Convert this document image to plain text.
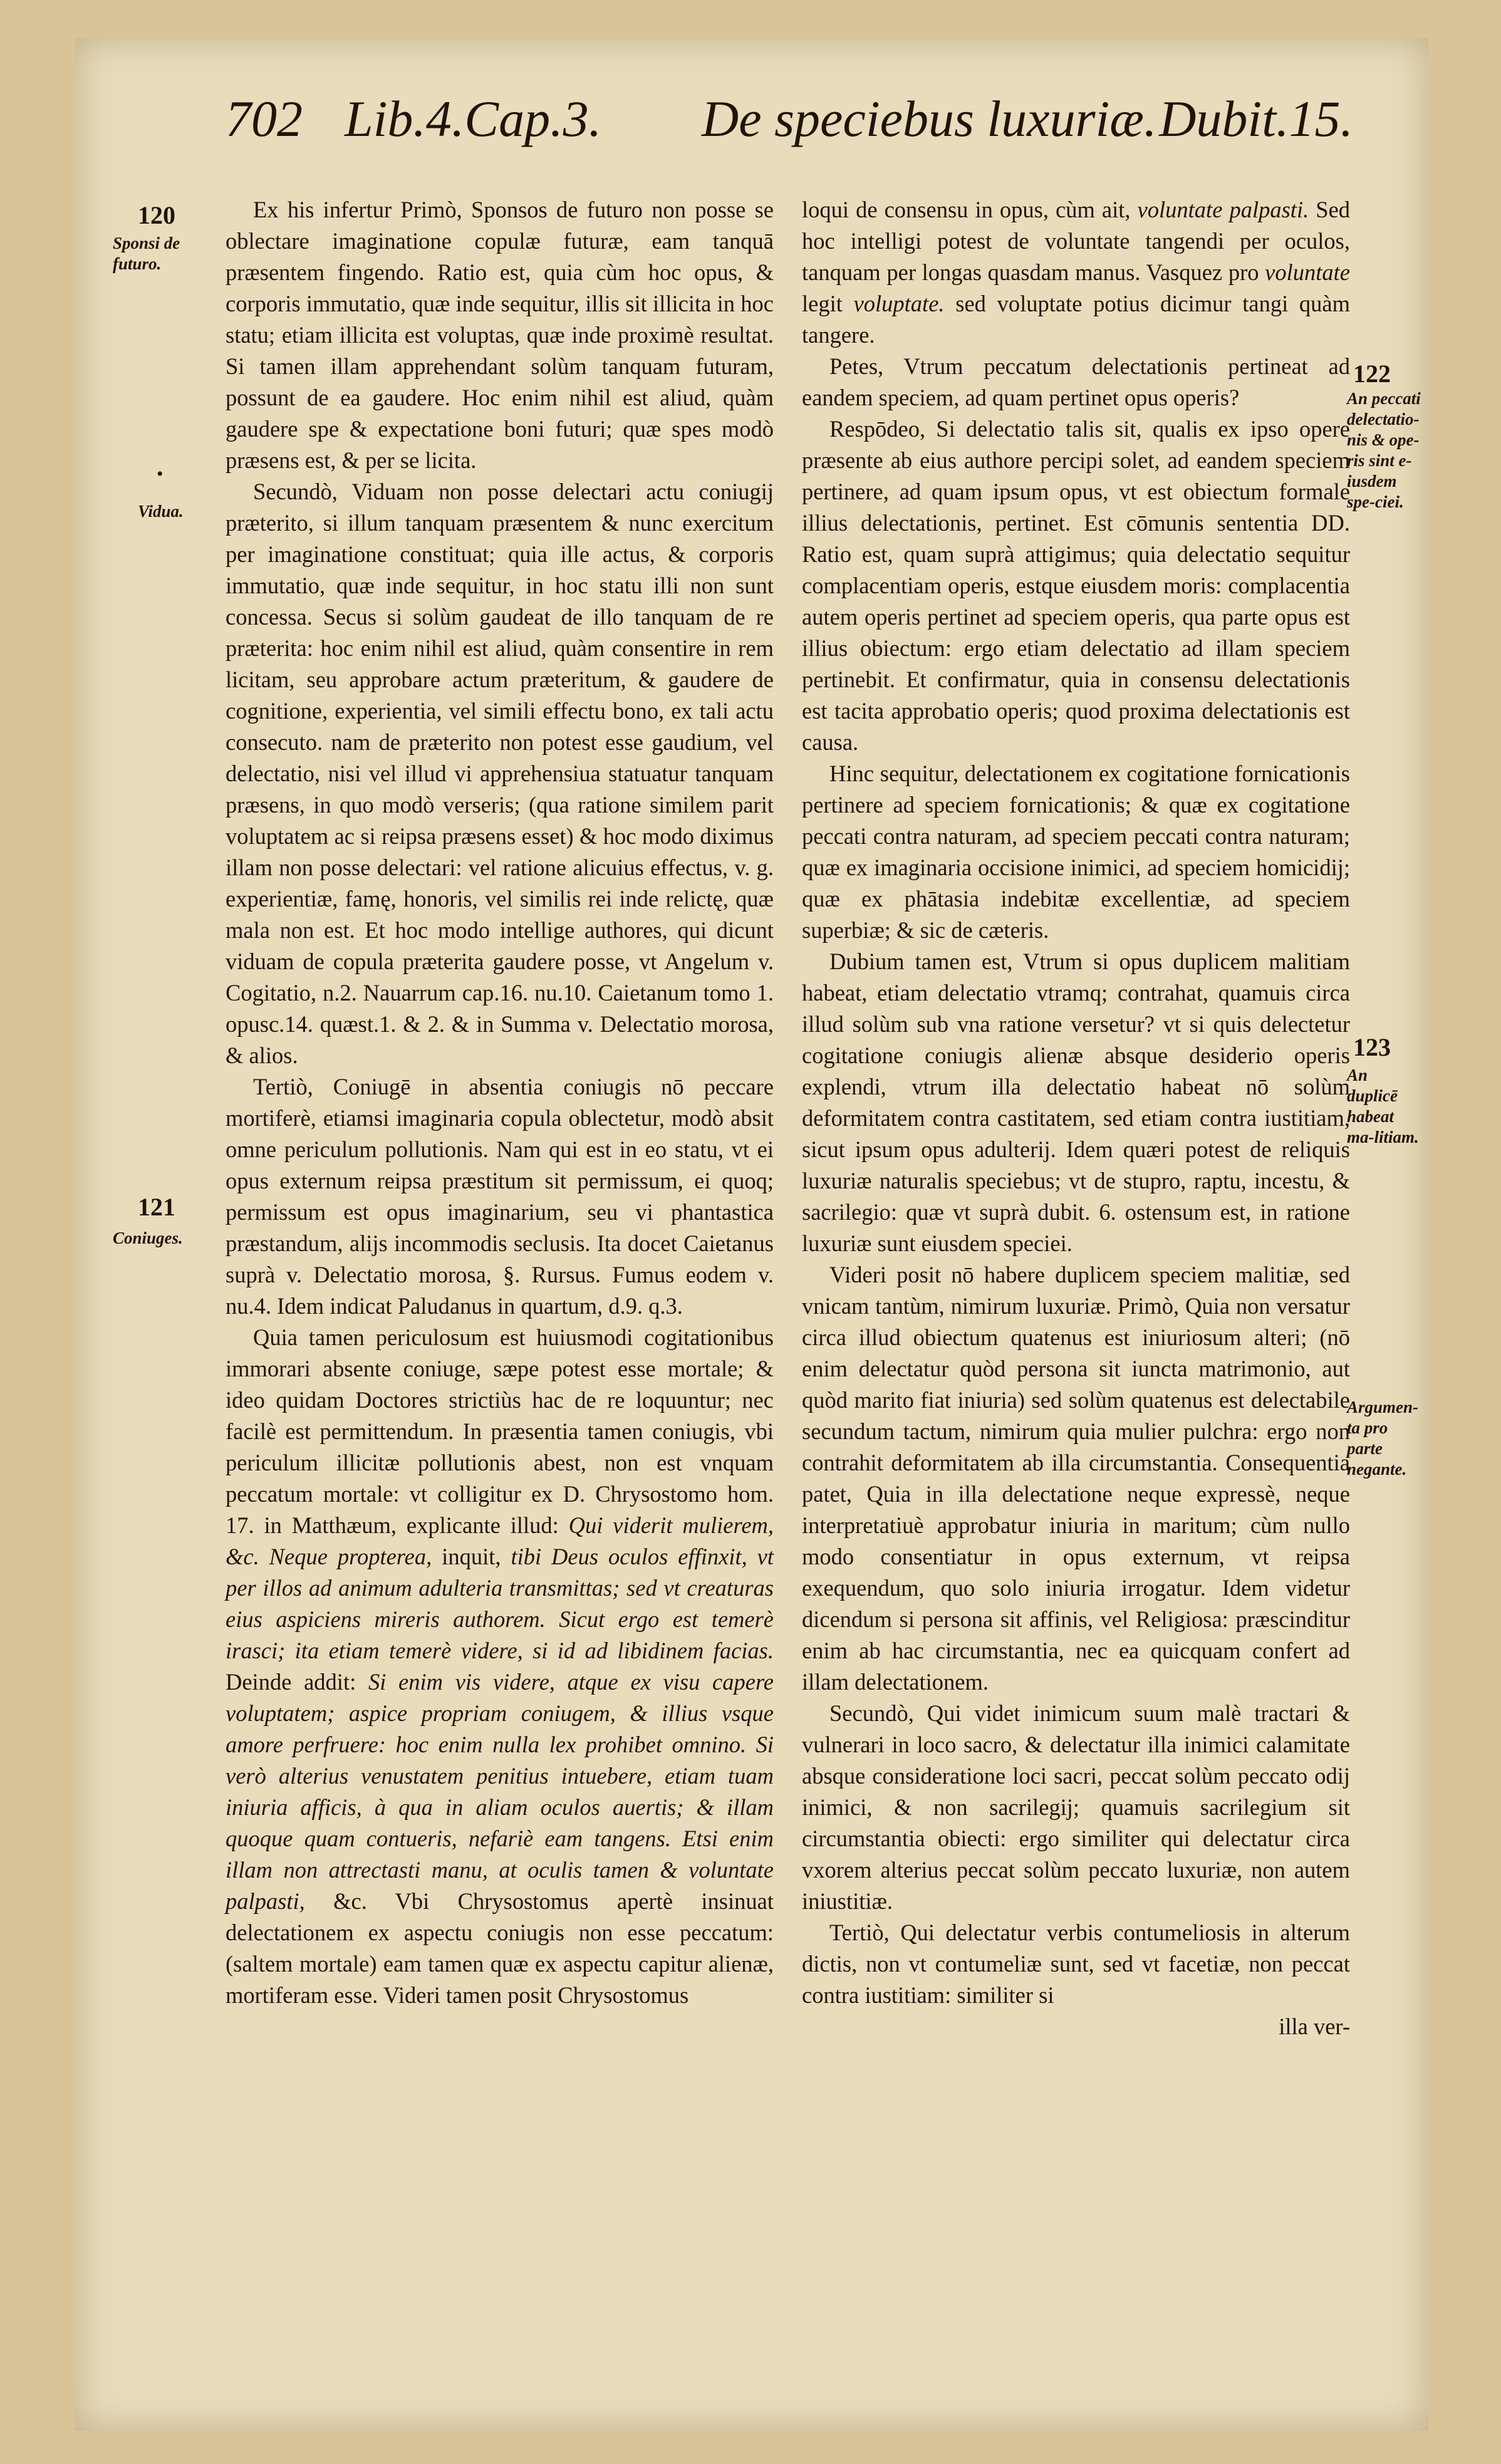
702 Lib.4.Cap.3. De speciebus luxuriæ. Dubit.15.
120
Sponsi de futuro.
•
Vidua.
121
Coniuges.
122
An peccati delectatio-nis & ope-ris sint e-iusdem spe-ciei.
123
An duplicē habeat ma-litiam.
Argumen-ta pro parte negante.

Ex his infertur Primò, Sponsos de futuro non posse se oblectare imaginatione copulæ futuræ, eam tanquā præsentem fingendo. Ratio est, quia cùm hoc opus, & corporis immutatio, quæ inde sequitur, illis sit illicita in hoc statu; etiam illicita est voluptas, quæ inde proximè resultat. Si tamen illam apprehendant solùm tanquam futuram, possunt de ea gaudere. Hoc enim nihil est aliud, quàm gaudere spe & expectatione boni futuri; quæ spes modò præsens est, & per se licita.

Secundò, Viduam non posse delectari actu coniugij præterito, si illum tanquam præsentem & nunc exercitum per imaginatione constituat; quia ille actus, & corporis immutatio, quæ inde sequitur, in hoc statu illi non sunt concessa. Secus si solùm gaudeat de illo tanquam de re præterita: hoc enim nihil est aliud, quàm consentire in rem licitam, seu approbare actum præteritum, & gaudere de cognitione, experientia, vel simili effectu bono, ex tali actu consecuto. nam de præterito non potest esse gaudium, vel delectatio, nisi vel illud vi apprehensiua statuatur tanquam præsens, in quo modò verseris; (qua ratione similem parit voluptatem ac si reipsa præsens esset) & hoc modo diximus illam non posse delectari: vel ratione alicuius effectus, v. g. experientiæ, famę, honoris, vel similis rei inde relictę, quæ mala non est. Et hoc modo intellige authores, qui dicunt viduam de copula præterita gaudere posse, vt Angelum v. Cogitatio, n.2. Nauarrum cap.16. nu.10. Caietanum tomo 1. opusc.14. quæst.1. & 2. & in Summa v. Delectatio morosa, & alios.

Tertiò, Coniugē in absentia coniugis nō peccare mortiferè, etiamsi imaginaria copula oblectetur, modò absit omne periculum pollutionis. Nam qui est in eo statu, vt ei opus externum reipsa præstitum sit permissum, ei quoq; permissum est opus imaginarium, seu vi phantastica præstandum, alijs incommodis seclusis. Ita docet Caietanus suprà v. Delectatio morosa, §. Rursus. Fumus eodem v. nu.4. Idem indicat Paludanus in quartum, d.9. q.3.

Quia tamen periculosum est huiusmodi cogitationibus immorari absente coniuge, sæpe potest esse mortale; & ideo quidam Doctores strictiùs hac de re loquuntur; nec facilè est permittendum. In præsentia tamen coniugis, vbi periculum illicitæ pollutionis abest, non est vnquam peccatum mortale: vt colligitur ex D. Chrysostomo hom. 17. in Matthæum, explicante illud: Qui viderit mulierem, &c. Neque propterea, inquit, tibi Deus oculos effinxit, vt per illos ad animum adulteria transmittas; sed vt creaturas eius aspiciens mireris authorem. Sicut ergo est temerè irasci; ita etiam temerè videre, si id ad libidinem facias. Deinde addit: Si enim vis videre, atque ex visu capere voluptatem; aspice propriam coniugem, & illius vsque amore perfruere: hoc enim nulla lex prohibet omnino. Si verò alterius venustatem penitius intuebere, etiam tuam iniuria afficis, à qua in aliam oculos auertis; & illam quoque quam contueris, nefariè eam tangens. Etsi enim illam non attrectasti manu, at oculis tamen & voluntate palpasti, &c. Vbi Chrysostomus apertè insinuat delectationem ex aspectu coniugis non esse peccatum: (saltem mortale) eam tamen quæ ex aspectu capitur alienæ, mortiferam esse. Videri tamen posit Chrysostomus

loqui de consensu in opus, cùm ait, voluntate palpasti. Sed hoc intelligi potest de voluntate tangendi per oculos, tanquam per longas quasdam manus. Vasquez pro voluntate legit voluptate. sed voluptate potius dicimur tangi quàm tangere.

Petes, Vtrum peccatum delectationis pertineat ad eandem speciem, ad quam pertinet opus operis?

Respōdeo, Si delectatio talis sit, qualis ex ipso opere præsente ab eius authore percipi solet, ad eandem speciem pertinere, ad quam ipsum opus, vt est obiectum formale illius delectationis, pertinet. Est cōmunis sententia DD. Ratio est, quam suprà attigimus; quia delectatio sequitur complacentiam operis, estque eiusdem moris: complacentia autem operis pertinet ad speciem operis, qua parte opus est illius obiectum: ergo etiam delectatio ad illam speciem pertinebit. Et confirmatur, quia in consensu delectationis est tacita approbatio operis; quod proxima delectationis est causa.

Hinc sequitur, delectationem ex cogitatione fornicationis pertinere ad speciem fornicationis; & quæ ex cogitatione peccati contra naturam, ad speciem peccati contra naturam; quæ ex imaginaria occisione inimici, ad speciem homicidij; quæ ex phātasia indebitæ excellentiæ, ad speciem superbiæ; & sic de cæteris.

Dubium tamen est, Vtrum si opus duplicem malitiam habeat, etiam delectatio vtramq; contrahat, quamuis circa illud solùm sub vna ratione versetur? vt si quis delectetur cogitatione coniugis alienæ absque desiderio operis explendi, vtrum illa delectatio habeat nō solùm deformitatem contra castitatem, sed etiam contra iustitiam, sicut ipsum opus adulterij. Idem quæri potest de reliquis luxuriæ naturalis speciebus; vt de stupro, raptu, incestu, & sacrilegio: quæ vt suprà dubit. 6. ostensum est, in ratione luxuriæ sunt eiusdem speciei.

Videri posit nō habere duplicem speciem malitiæ, sed vnicam tantùm, nimirum luxuriæ. Primò, Quia non versatur circa illud obiectum quatenus est iniuriosum alteri; (nō enim delectatur quòd persona sit iuncta matrimonio, aut quòd marito fiat iniuria) sed solùm quatenus est delectabile secundum tactum, nimirum quia mulier pulchra: ergo non contrahit deformitatem ab illa circumstantia. Consequentia patet, Quia in illa delectatione neque expressè, neque interpretatiuè approbatur iniuria in maritum; cùm nullo modo consentiatur in opus externum, vt reipsa exequendum, quo solo iniuria irrogatur. Idem videtur dicendum si persona sit affinis, vel Religiosa: præscinditur enim ab hac circumstantia, nec ea quicquam confert ad illam delectationem.

Secundò, Qui videt inimicum suum malè tractari & vulnerari in loco sacro, & delectatur illa inimici calamitate absque consideratione loci sacri, peccat solùm peccato odij inimici, & non sacrilegij; quamuis sacrilegium sit circumstantia obiecti: ergo similiter qui delectatur circa vxorem alterius peccat solùm peccato luxuriæ, non autem iniustitiæ.

Tertiò, Qui delectatur verbis contumeliosis in alterum dictis, non vt contumeliæ sunt, sed vt facetiæ, non peccat contra iustitiam: similiter si

illa ver-
